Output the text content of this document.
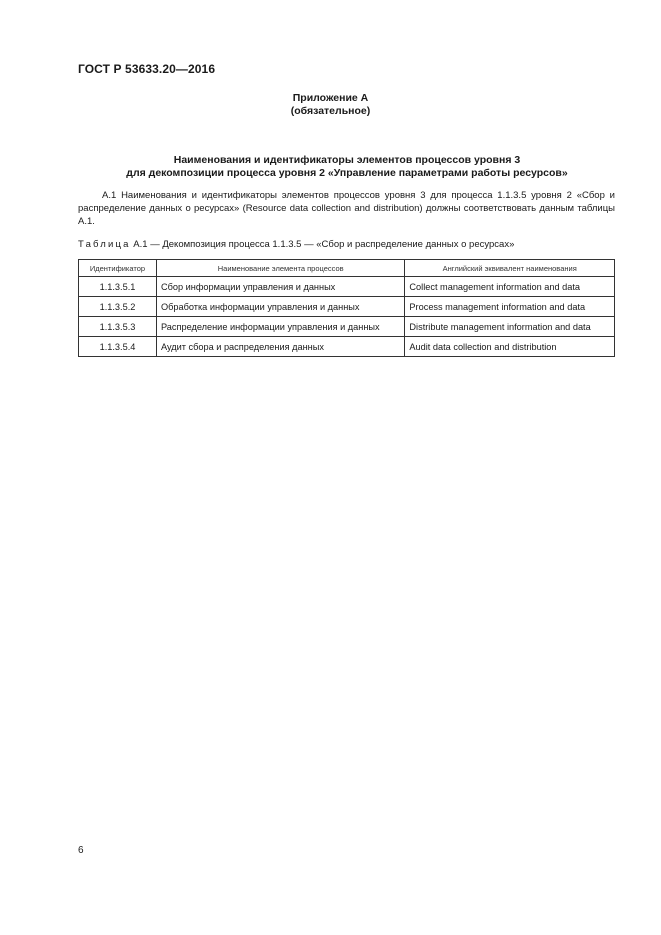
ГОСТ Р 53633.20—2016
Приложение А
(обязательное)
Наименования и идентификаторы элементов процессов уровня 3
для декомпозиции процесса уровня 2 «Управление параметрами работы ресурсов»
А.1 Наименования и идентификаторы элементов процессов уровня 3 для процесса 1.1.3.5 уровня 2 «Сбор и распределение данных о ресурсах» (Resource data collection and distribution) должны соответствовать данным таблицы А.1.
Таблица А.1 — Декомпозиция процесса 1.1.3.5 — «Сбор и распределение данных о ресурсах»
Идентификатор	Наименование элемента процессов	Английский эквивалент наименования
1.1.3.5.1	Сбор информации управления и данных	Collect management information and data
1.1.3.5.2	Обработка информации управления и данных	Process management information and data
1.1.3.5.3	Распределение информации управления и данных	Distribute management information and data
1.1.3.5.4	Аудит сбора и распределения данных	Audit data collection and distribution
6
